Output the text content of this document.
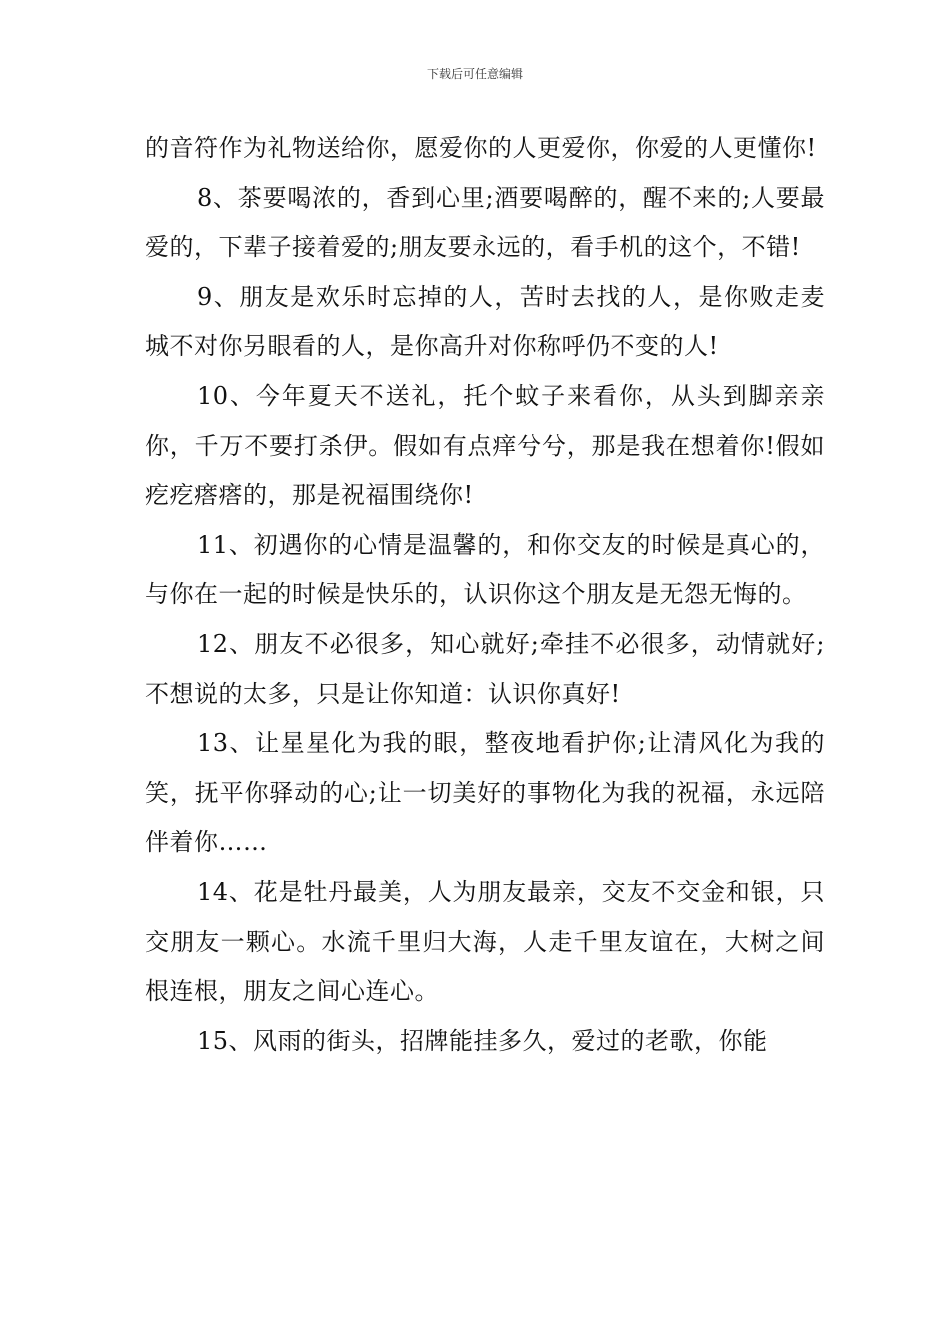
下载后可任意编辑

的音符作为礼物送给你，愿爱你的人更爱你，你爱的人更懂你!

8、茶要喝浓的，香到心里;酒要喝醉的，醒不来的;人要最爱的，下辈子接着爱的;朋友要永远的，看手机的这个，不错!

9、朋友是欢乐时忘掉的人，苦时去找的人，是你败走麦城不对你另眼看的人，是你高升对你称呼仍不变的人!

10、今年夏天不送礼，托个蚊子来看你，从头到脚亲亲你，千万不要打杀伊。假如有点痒兮兮，那是我在想着你!假如疙疙瘩瘩的，那是祝福围绕你!

11、初遇你的心情是温馨的，和你交友的时候是真心的，与你在一起的时候是快乐的，认识你这个朋友是无怨无悔的。

12、朋友不必很多，知心就好;牵挂不必很多，动情就好;不想说的太多，只是让你知道：认识你真好!

13、让星星化为我的眼，整夜地看护你;让清风化为我的笑，抚平你驿动的心;让一切美好的事物化为我的祝福，永远陪伴着你……

14、花是牡丹最美，人为朋友最亲，交友不交金和银，只交朋友一颗心。水流千里归大海，人走千里友谊在，大树之间根连根，朋友之间心连心。

15、风雨的街头，招牌能挂多久，爱过的老歌，你能
